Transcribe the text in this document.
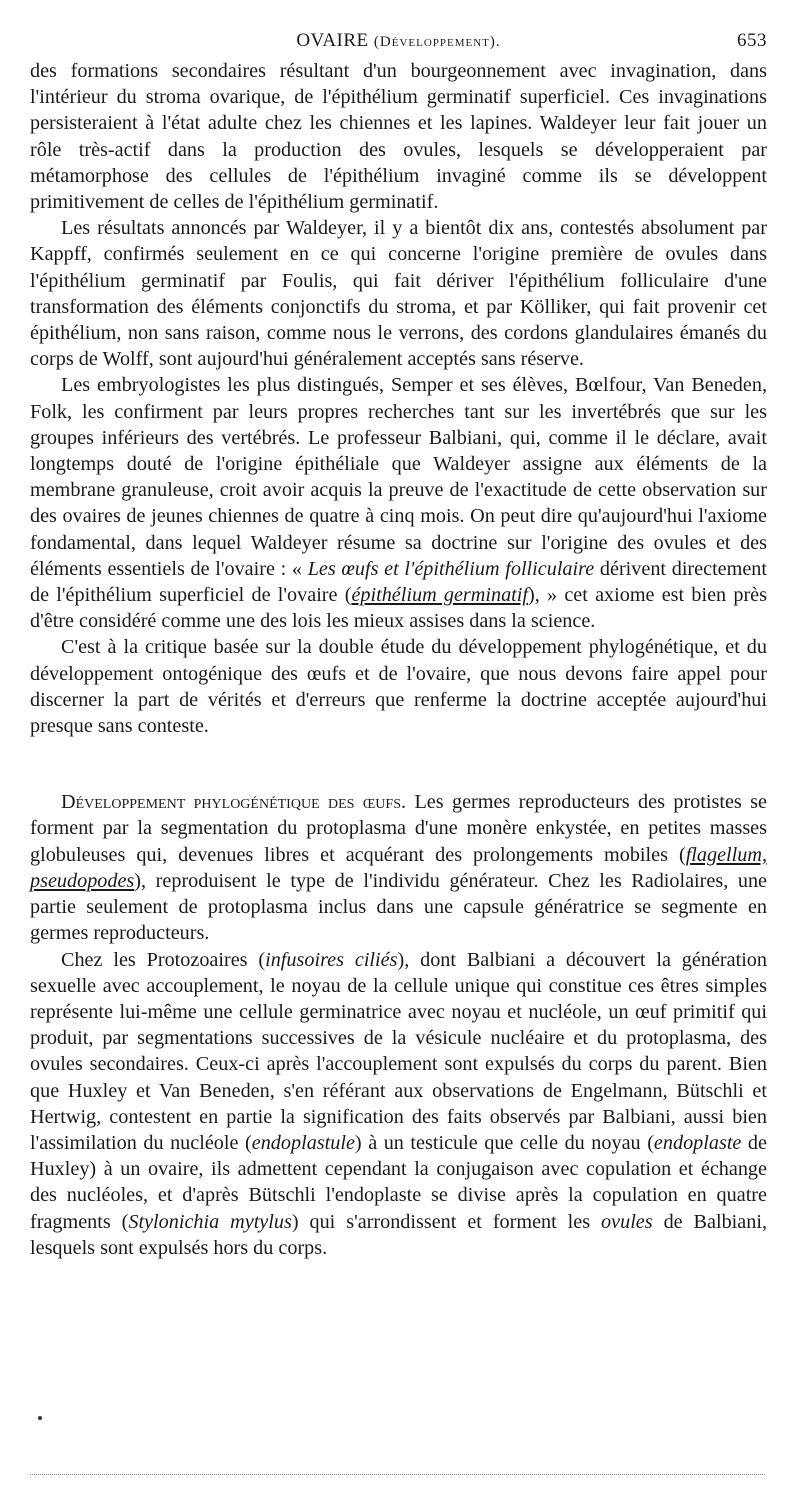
OVAIRE (Développement).	653

des formations secondaires résultant d'un bourgeonnement avec invagination, dans l'intérieur du stroma ovarique, de l'épithélium germinatif superficiel. Ces invaginations persisteraient à l'état adulte chez les chiennes et les lapines. Waldeyer leur fait jouer un rôle très-actif dans la production des ovules, lesquels se développeraient par métamorphose des cellules de l'épithélium invaginé comme ils se développent primitivement de celles de l'épithélium germinatif.

Les résultats annoncés par Waldeyer, il y a bientôt dix ans, contestés absolument par Kappff, confirmés seulement en ce qui concerne l'origine première de ovules dans l'épithélium germinatif par Foulis, qui fait dériver l'épithélium folliculaire d'une transformation des éléments conjonctifs du stroma, et par Kölliker, qui fait provenir cet épithélium, non sans raison, comme nous le verrons, des cordons glandulaires émanés du corps de Wolff, sont aujourd'hui généralement acceptés sans réserve.

Les embryologistes les plus distingués, Semper et ses élèves, Bœlfour, Van Beneden, Folk, les confirment par leurs propres recherches tant sur les invertébrés que sur les groupes inférieurs des vertébrés. Le professeur Balbiani, qui, comme il le déclare, avait longtemps douté de l'origine épithéliale que Waldeyer assigne aux éléments de la membrane granuleuse, croit avoir acquis la preuve de l'exactitude de cette observation sur des ovaires de jeunes chiennes de quatre à cinq mois. On peut dire qu'aujourd'hui l'axiome fondamental, dans lequel Waldeyer résume sa doctrine sur l'origine des ovules et des éléments essentiels de l'ovaire : « Les œufs et l'épithélium folliculaire dérivent directement de l'épithélium superficiel de l'ovaire (épithélium germinatif), » cet axiome est bien près d'être considéré comme une des lois les mieux assises dans la science.

C'est à la critique basée sur la double étude du développement phylogénétique, et du développement ontogénique des œufs et de l'ovaire, que nous devons faire appel pour discerner la part de vérités et d'erreurs que renferme la doctrine acceptée aujourd'hui presque sans conteste.

Développement phylogénétique des œufs. Les germes reproducteurs des protistes se forment par la segmentation du protoplasma d'une monère enkystée, en petites masses globuleuses qui, devenues libres et acquérant des prolongements mobiles (flagellum, pseudopodes), reproduisent le type de l'individu générateur. Chez les Radiolaires, une partie seulement de protoplasma inclus dans une capsule génératrice se segmente en germes reproducteurs.

Chez les Protozoaires (infusoires ciliés), dont Balbiani a découvert la génération sexuelle avec accouplement, le noyau de la cellule unique qui constitue ces êtres simples représente lui-même une cellule germinatrice avec noyau et nucléole, un œuf primitif qui produit, par segmentations successives de la vésicule nucléaire et du protoplasma, des ovules secondaires. Ceux-ci après l'accouplement sont expulsés du corps du parent. Bien que Huxley et Van Beneden, s'en référant aux observations de Engelmann, Bütschli et Hertwig, contestent en partie la signification des faits observés par Balbiani, aussi bien l'assimilation du nucléole (endoplastule) à un testicule que celle du noyau (endoplaste de Huxley) à un ovaire, ils admettent cependant la conjugaison avec copulation et échange des nucléoles, et d'après Bütschli l'endoplaste se divise après la copulation en quatre fragments (Stylonichia mytylus) qui s'arrondissent et forment les ovules de Balbiani, lesquels sont expulsés hors du corps.
